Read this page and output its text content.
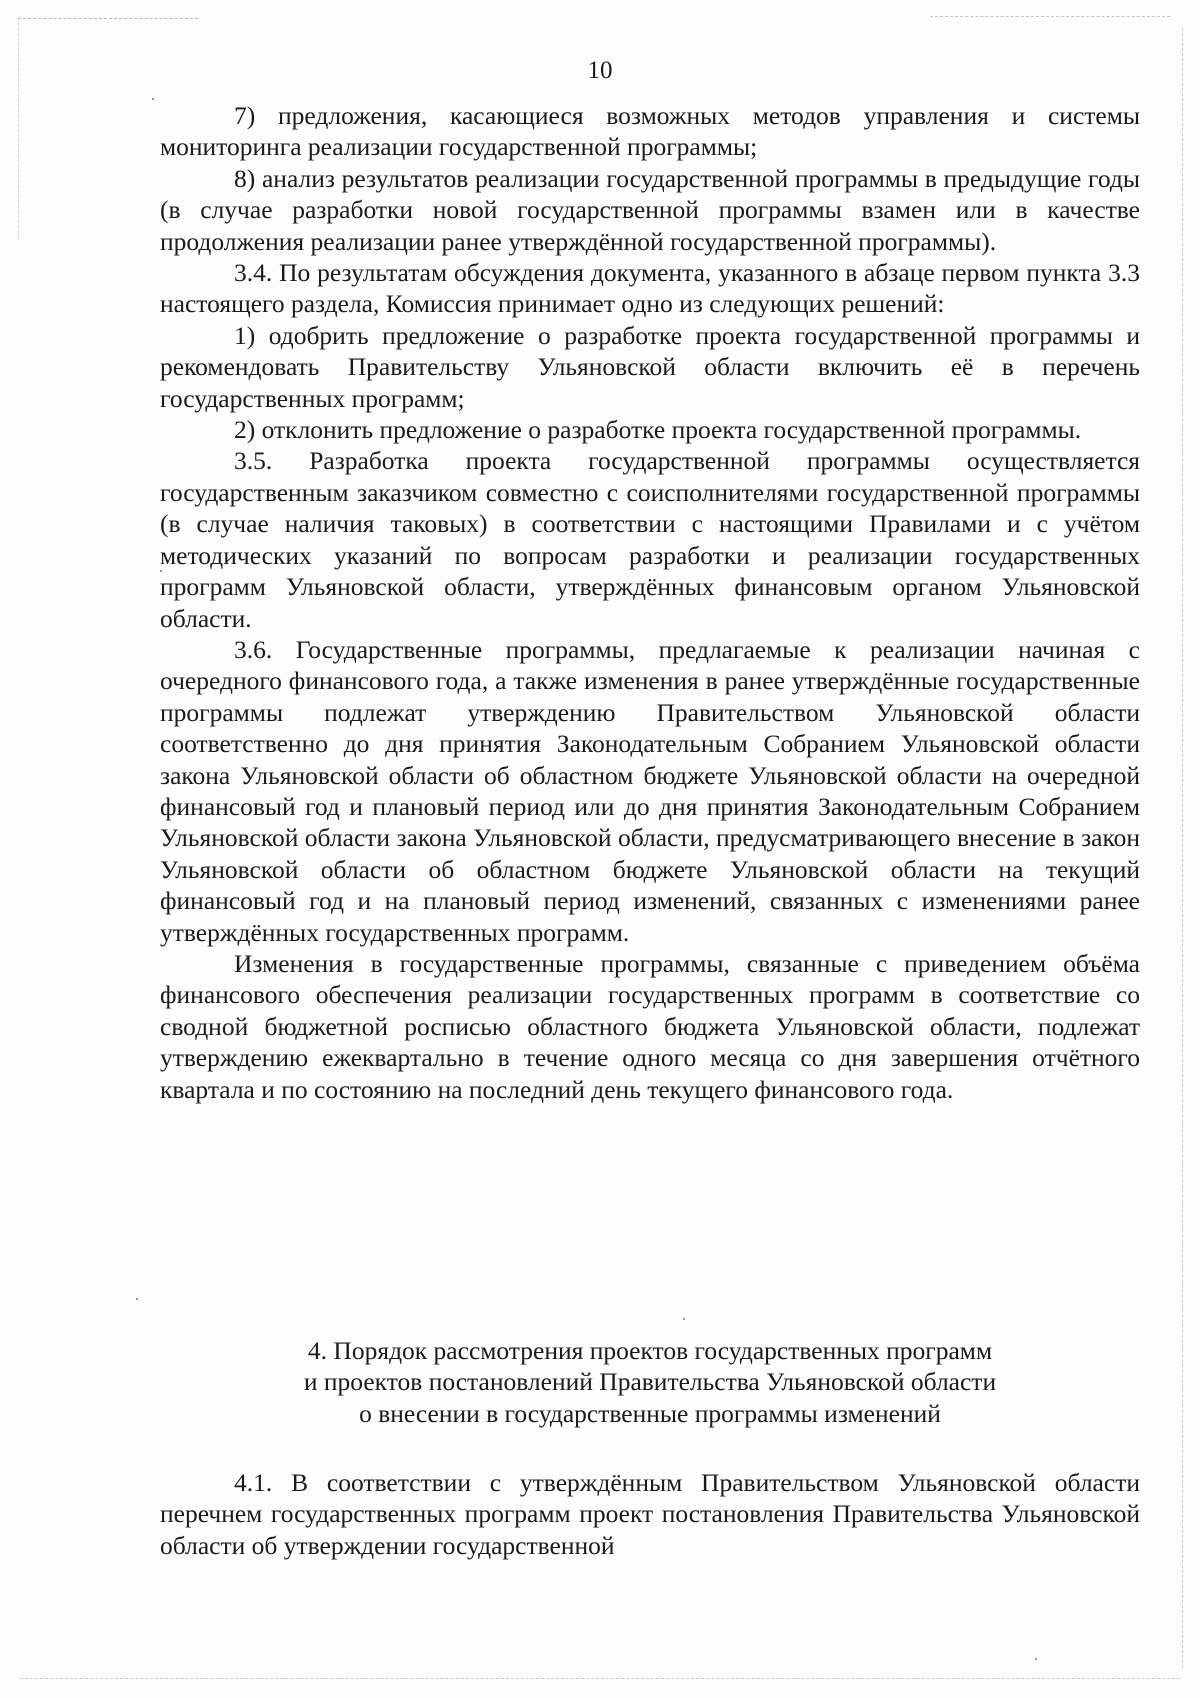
10

7) предложения, касающиеся возможных методов управления и системы мониторинга реализации государственной программы;

8) анализ результатов реализации государственной программы в предыдущие годы (в случае разработки новой государственной программы взамен или в качестве продолжения реализации ранее утверждённой государственной программы).

3.4. По результатам обсуждения документа, указанного в абзаце первом пункта 3.3 настоящего раздела, Комиссия принимает одно из следующих решений:

1) одобрить предложение о разработке проекта государственной программы и рекомендовать Правительству Ульяновской области включить её в перечень государственных программ;

2) отклонить предложение о разработке проекта государственной программы.

3.5. Разработка проекта государственной программы осуществляется государственным заказчиком совместно с соисполнителями государственной программы (в случае наличия таковых) в соответствии с настоящими Правилами и с учётом методических указаний по вопросам разработки и реализации государственных программ Ульяновской области, утверждённых финансовым органом Ульяновской области.

3.6. Государственные программы, предлагаемые к реализации начиная с очередного финансового года, а также изменения в ранее утверждённые государственные программы подлежат утверждению Правительством Ульяновской области соответственно до дня принятия Законодательным Собранием Ульяновской области закона Ульяновской области об областном бюджете Ульяновской области на очередной финансовый год и плановый период или до дня принятия Законодательным Собранием Ульяновской области закона Ульяновской области, предусматривающего внесение в закон Ульяновской области об областном бюджете Ульяновской области на текущий финансовый год и на плановый период изменений, связанных с изменениями ранее утверждённых государственных программ.

Изменения в государственные программы, связанные с приведением объёма финансового обеспечения реализации государственных программ в соответствие со сводной бюджетной росписью областного бюджета Ульяновской области, подлежат утверждению ежеквартально в течение одного месяца со дня завершения отчётного квартала и по состоянию на последний день текущего финансового года.

4. Порядок рассмотрения проектов государственных программ
и проектов постановлений Правительства Ульяновской области
о внесении в государственные программы изменений

4.1. В соответствии с утверждённым Правительством Ульяновской области перечнем государственных программ проект постановления Правительства Ульяновской области об утверждении государственной
